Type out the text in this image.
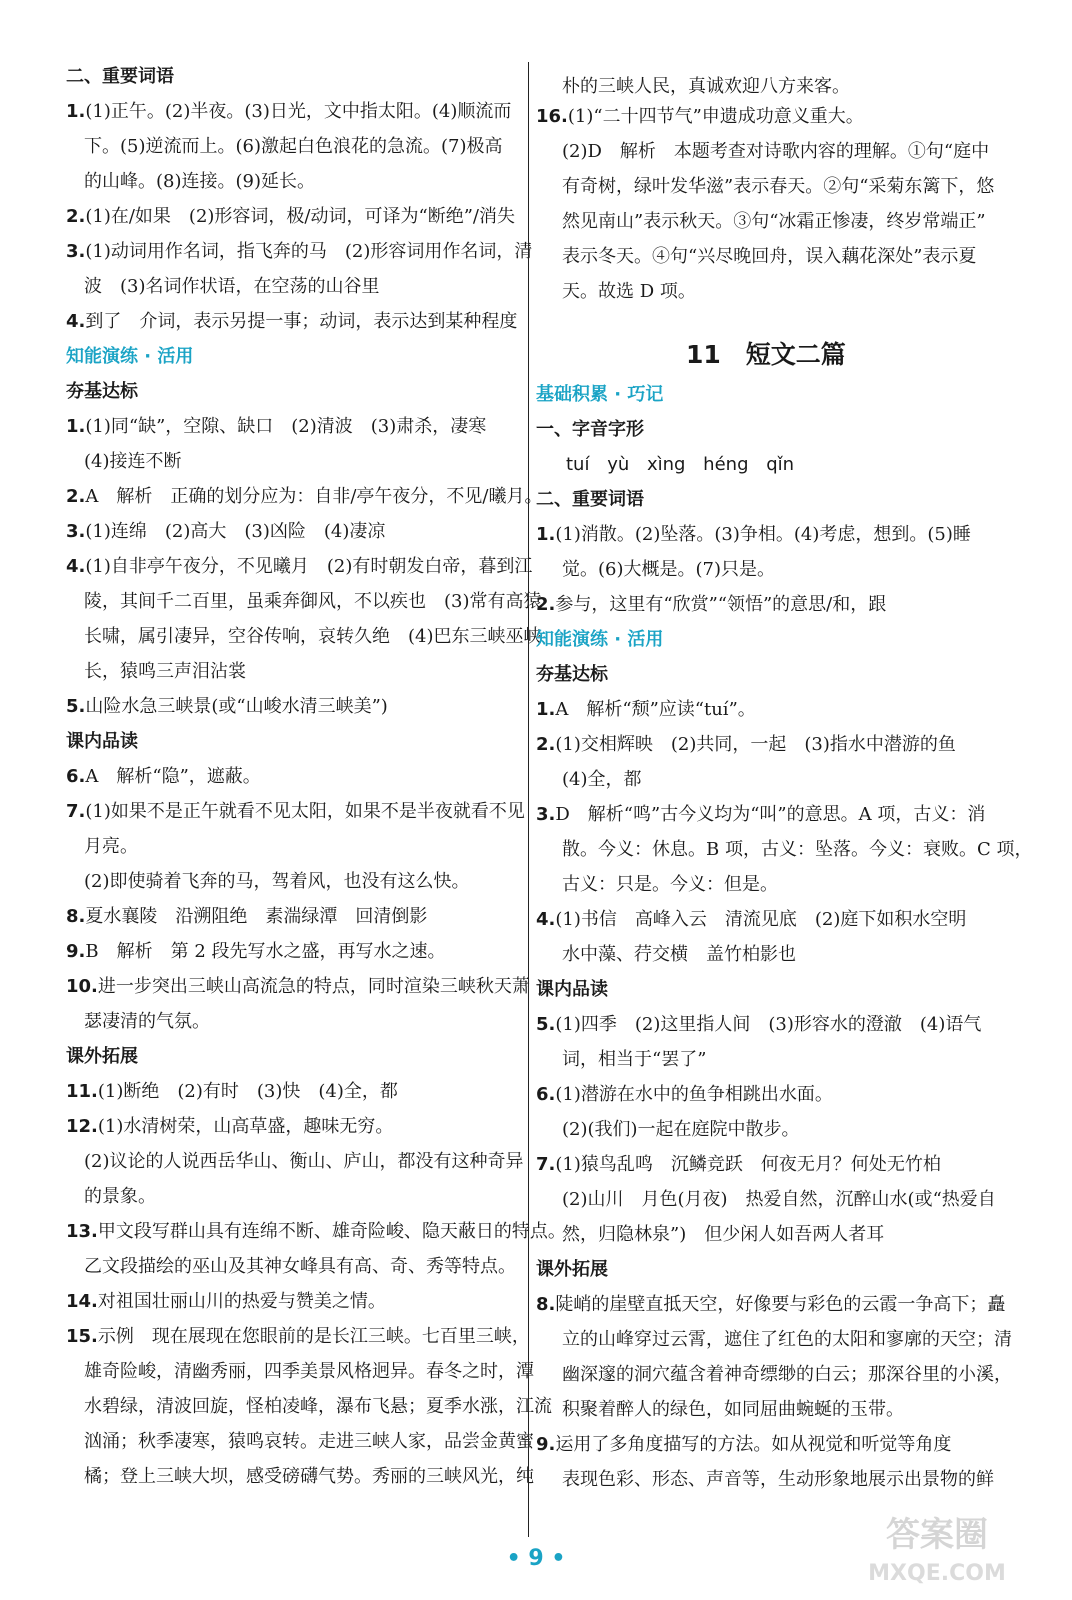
二、重要词语
1.(1)正午。(2)半夜。(3)日光，文中指太阳。(4)顺流而
下。(5)逆流而上。(6)激起白色浪花的急流。(7)极高
的山峰。(8)连接。(9)延长。
2.(1)在/如果　(2)形容词，极/动词，可译为“断绝”/消失
3.(1)动词用作名词，指飞奔的马　(2)形容词用作名词，清
波　(3)名词作状语，在空荡的山谷里
4.到了　介词，表示另提一事；动词，表示达到某种程度
知能演练 · 活用
夯基达标
1.(1)同“缺”，空隙、缺口　(2)清波　(3)肃杀，凄寒
(4)接连不断
2.A　解析　正确的划分应为：自非/亭午夜分，不见/曦月。
3.(1)连绵　(2)高大　(3)凶险　(4)凄凉
4.(1)自非亭午夜分，不见曦月　(2)有时朝发白帝，暮到江
陵，其间千二百里，虽乘奔御风，不以疾也　(3)常有高猿
长啸，属引凄异，空谷传响，哀转久绝　(4)巴东三峡巫峡
长，猿鸣三声泪沾裳
5.山险水急三峡景(或“山峻水清三峡美”)
课内品读
6.A　解析“隐”，遮蔽。
7.(1)如果不是正午就看不见太阳，如果不是半夜就看不见
月亮。
(2)即使骑着飞奔的马，驾着风，也没有这么快。
8.夏水襄陵　沿溯阻绝　素湍绿潭　回清倒影
9.B　解析　第 2 段先写水之盛，再写水之速。
10.进一步突出三峡山高流急的特点，同时渲染三峡秋天萧
瑟凄清的气氛。
课外拓展
11.(1)断绝　(2)有时　(3)快　(4)全，都
12.(1)水清树荣，山高草盛，趣味无穷。
(2)议论的人说西岳华山、衡山、庐山，都没有这种奇异
的景象。
13.甲文段写群山具有连绵不断、雄奇险峻、隐天蔽日的特点。
乙文段描绘的巫山及其神女峰具有高、奇、秀等特点。
14.对祖国壮丽山川的热爱与赞美之情。
15.示例　现在展现在您眼前的是长江三峡。七百里三峡，
雄奇险峻，清幽秀丽，四季美景风格迥异。春冬之时，潭
水碧绿，清波回旋，怪柏凌峰，瀑布飞悬；夏季水涨，江流
汹涌；秋季凄寒，猿鸣哀转。走进三峡人家，品尝金黄蜜
橘；登上三峡大坝，感受磅礴气势。秀丽的三峡风光，纯
朴的三峡人民，真诚欢迎八方来客。
16.(1)“二十四节气”申遗成功意义重大。
(2)D　解析　本题考查对诗歌内容的理解。①句“庭中
有奇树，绿叶发华滋”表示春天。②句“采菊东篱下，悠
然见南山”表示秋天。③句“冰霜正惨凄，终岁常端正”
表示冬天。④句“兴尽晚回舟，误入藕花深处”表示夏
天。故选 D 项。
11　短文二篇
基础积累 · 巧记
一、字音字形
tuí yù xìng héng qǐn
二、重要词语
1.(1)消散。(2)坠落。(3)争相。(4)考虑，想到。(5)睡
觉。(6)大概是。(7)只是。
2.参与，这里有“欣赏”“领悟”的意思/和，跟
知能演练 · 活用
夯基达标
1.A　解析“颓”应读“tuí”。
2.(1)交相辉映　(2)共同，一起　(3)指水中潜游的鱼
(4)全，都
3.D　解析“鸣”古今义均为“叫”的意思。A 项，古义：消
散。今义：休息。B 项，古义：坠落。今义：衰败。C 项，
古义：只是。今义：但是。
4.(1)书信　高峰入云　清流见底　(2)庭下如积水空明
水中藻、荇交横　盖竹柏影也
课内品读
5.(1)四季　(2)这里指人间　(3)形容水的澄澈　(4)语气
词，相当于“罢了”
6.(1)潜游在水中的鱼争相跳出水面。
(2)(我们)一起在庭院中散步。
7.(1)猿鸟乱鸣　沉鳞竞跃　何夜无月？何处无竹柏
(2)山川　月色(月夜)　热爱自然，沉醉山水(或“热爱自
然，归隐林泉”)　但少闲人如吾两人者耳
课外拓展
8.陡峭的崖壁直抵天空，好像要与彩色的云霞一争高下；矗
立的山峰穿过云霄，遮住了红色的太阳和寥廓的天空；清
幽深邃的洞穴蕴含着神奇缥缈的白云；那深谷里的小溪，
积聚着醉人的绿色，如同屈曲蜿蜒的玉带。
9.运用了多角度描写的方法。如从视觉和听觉等角度
表现色彩、形态、声音等，生动形象地展示出景物的鲜
• 9 •
答案圈
MXQE.COM
